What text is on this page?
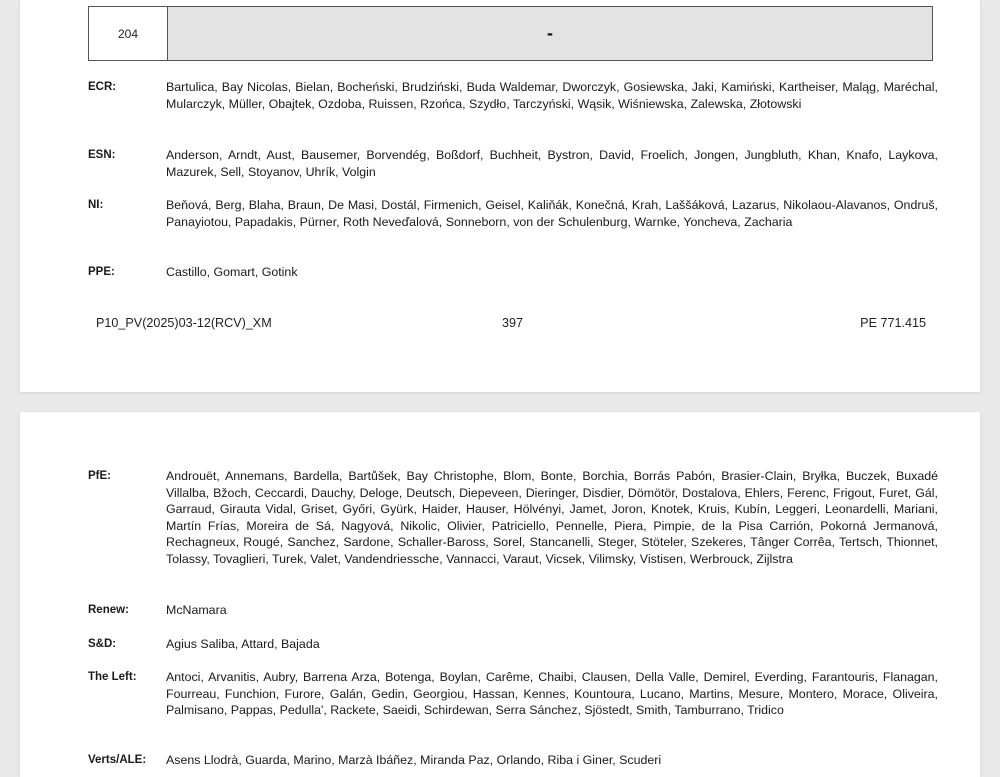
204	-
ECR:	Bartulica, Bay Nicolas, Bielan, Bocheński, Brudziński, Buda Waldemar, Dworczyk, Gosiewska, Jaki, Kamiński, Kartheiser, Maląg, Maréchal, Mularczyk, Müller, Obajtek, Ozdoba, Ruissen, Rzońca, Szydło, Tarczyński, Wąsik, Wiśniewska, Zalewska, Złotowski
ESN:	Anderson, Arndt, Aust, Bausemer, Borvendég, Boßdorf, Buchheit, Bystron, David, Froelich, Jongen, Jungbluth, Khan, Knafo, Laykova, Mazurek, Sell, Stoyanov, Uhrík, Volgin
NI:	Beňová, Berg, Blaha, Braun, De Masi, Dostál, Firmenich, Geisel, Kaliňák, Konečná, Krah, Laššáková, Lazarus, Nikolaou-Alavanos, Ondruš, Panayiotou, Papadakis, Pürner, Roth Neveďalová, Sonneborn, von der Schulenburg, Warnke, Yoncheva, Zacharia
PPE:	Castillo, Gomart, Gotink
P10_PV(2025)03-12(RCV)_XM	397	PE 771.415
PfE:	Androuët, Annemans, Bardella, Bartůšek, Bay Christophe, Blom, Bonte, Borchia, Borrás Pabón, Brasier-Clain, Bryłka, Buczek, Buxadé Villalba, Bžoch, Ceccardi, Dauchy, Deloge, Deutsch, Diepeveen, Dieringer, Disdier, Dömötör, Dostalova, Ehlers, Ferenc, Frigout, Furet, Gál, Garraud, Girauta Vidal, Griset, Győri, Gyürk, Haider, Hauser, Hölvényi, Jamet, Joron, Knotek, Kruis, Kubín, Leggeri, Leonardelli, Mariani, Martín Frías, Moreira de Sá, Nagyová, Nikolic, Olivier, Patriciello, Pennelle, Piera, Pimpie, de la Pisa Carrión, Pokorná Jermanová, Rechagneux, Rougé, Sanchez, Sardone, Schaller-Baross, Sorel, Stancanelli, Steger, Stöteler, Szekeres, Tânger Corrêa, Tertsch, Thionnet, Tolassy, Tovaglieri, Turek, Valet, Vandendriessche, Vannacci, Varaut, Vicsek, Vilimsky, Vistisen, Werbrouck, Zijlstra
Renew:	McNamara
S&D:	Agius Saliba, Attard, Bajada
The Left:	Antoci, Arvanitis, Aubry, Barrena Arza, Botenga, Boylan, Carême, Chaibi, Clausen, Della Valle, Demirel, Everding, Farantouris, Flanagan, Fourreau, Funchion, Furore, Galán, Gedin, Georgiou, Hassan, Kennes, Kountoura, Lucano, Martins, Mesure, Montero, Morace, Oliveira, Palmisano, Pappas, Pedulla', Rackete, Saeidi, Schirdewan, Serra Sánchez, Sjöstedt, Smith, Tamburrano, Tridico
Verts/ALE:	Asens Llodrà, Guarda, Marino, Marzà Ibáñez, Miranda Paz, Orlando, Riba i Giner, Scuderi
